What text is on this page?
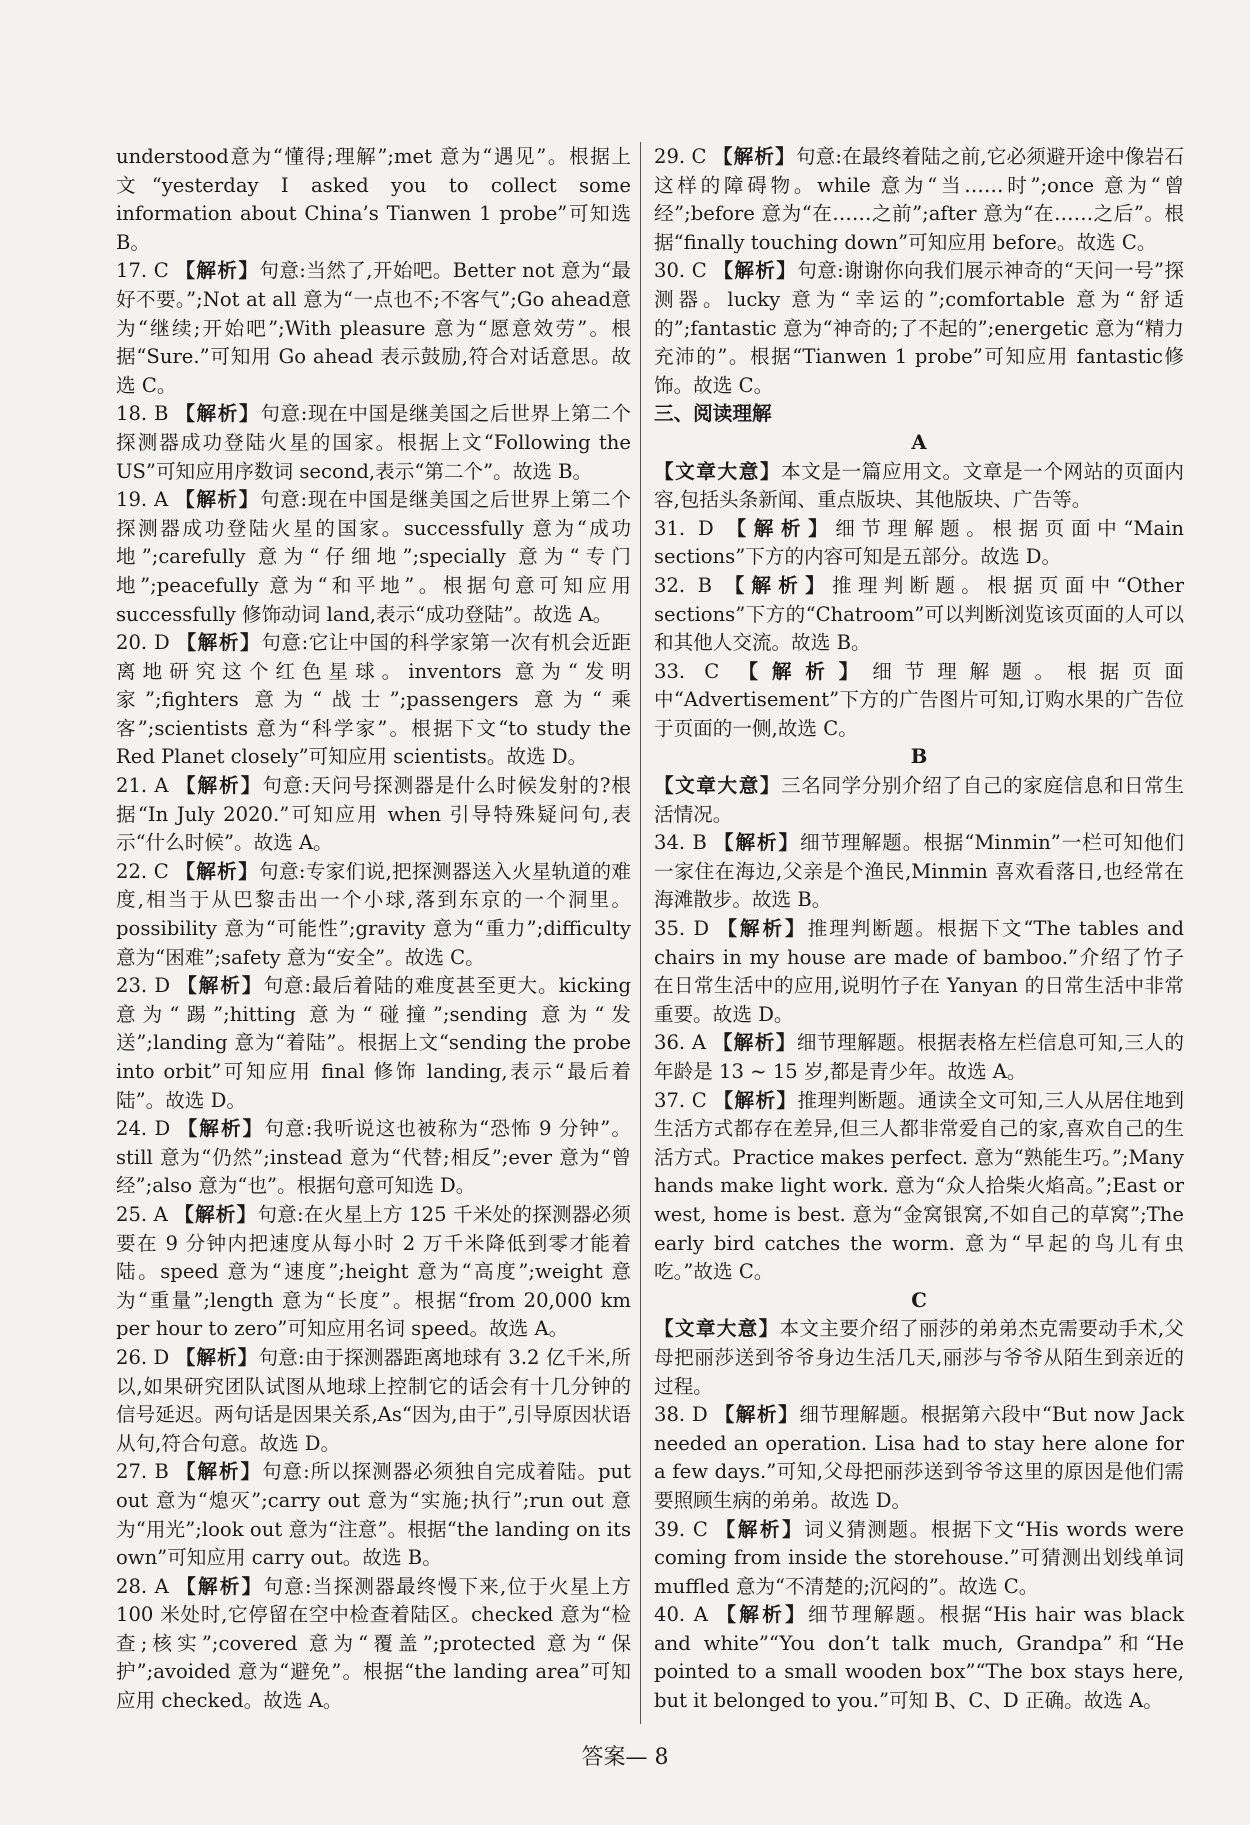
understood意为“懂得;理解”;met 意为“遇见”。根据上文“yesterday I asked you to collect some information about China’s Tianwen 1 probe”可知选 B。

17. C 【解析】句意:当然了,开始吧。Better not 意为“最好不要。”;Not at all 意为“一点也不;不客气”;Go ahead意为“继续;开始吧”;With pleasure 意为“愿意效劳”。根据“Sure.”可知用 Go ahead 表示鼓励,符合对话意思。故选 C。

18. B 【解析】句意:现在中国是继美国之后世界上第二个探测器成功登陆火星的国家。根据上文“Following the US”可知应用序数词 second,表示“第二个”。故选 B。

19. A 【解析】句意:现在中国是继美国之后世界上第二个探测器成功登陆火星的国家。successfully 意为“成功地”;carefully 意为“仔细地”;specially 意为“专门地”;peacefully 意为“和平地”。根据句意可知应用 successfully 修饰动词 land,表示“成功登陆”。故选 A。

20. D 【解析】句意:它让中国的科学家第一次有机会近距离地研究这个红色星球。inventors 意为“发明家”;fighters 意为“战士”;passengers 意为“乘客”;scientists 意为“科学家”。根据下文“to study the Red Planet closely”可知应用 scientists。故选 D。

21. A 【解析】句意:天问号探测器是什么时候发射的?根据“In July 2020.”可知应用 when 引导特殊疑问句,表示“什么时候”。故选 A。

22. C 【解析】句意:专家们说,把探测器送入火星轨道的难度,相当于从巴黎击出一个小球,落到东京的一个洞里。possibility 意为“可能性”;gravity 意为“重力”;difficulty意为“困难”;safety 意为“安全”。故选 C。

23. D 【解析】句意:最后着陆的难度甚至更大。kicking 意为“踢”;hitting 意为“碰撞”;sending 意为“发送”;landing 意为“着陆”。根据上文“sending the probe into orbit”可知应用 final 修饰 landing,表示“最后着陆”。故选 D。

24. D 【解析】句意:我听说这也被称为“恐怖 9 分钟”。still 意为“仍然”;instead 意为“代替;相反”;ever 意为“曾经”;also 意为“也”。根据句意可知选 D。

25. A 【解析】句意:在火星上方 125 千米处的探测器必须要在 9 分钟内把速度从每小时 2 万千米降低到零才能着陆。speed 意为“速度”;height 意为“高度”;weight 意为“重量”;length 意为“长度”。根据“from 20,000 km per hour to zero”可知应用名词 speed。故选 A。

26. D 【解析】句意:由于探测器距离地球有 3.2 亿千米,所以,如果研究团队试图从地球上控制它的话会有十几分钟的信号延迟。两句话是因果关系,As“因为,由于”,引导原因状语从句,符合句意。故选 D。

27. B 【解析】句意:所以探测器必须独自完成着陆。put out 意为“熄灭”;carry out 意为“实施;执行”;run out 意为“用光”;look out 意为“注意”。根据“the landing on its own”可知应用 carry out。故选 B。

28. A 【解析】句意:当探测器最终慢下来,位于火星上方 100 米处时,它停留在空中检查着陆区。checked 意为“检查;核实”;covered 意为“覆盖”;protected 意为“保护”;avoided 意为“避免”。根据“the landing area”可知应用 checked。故选 A。

29. C 【解析】句意:在最终着陆之前,它必须避开途中像岩石这样的障碍物。while 意为“当……时”;once 意为“曾经”;before 意为“在……之前”;after 意为“在……之后”。根据“finally touching down”可知应用 before。故选 C。

30. C 【解析】句意:谢谢你向我们展示神奇的“天问一号”探测器。lucky 意为“幸运的”;comfortable 意为“舒适的”;fantastic 意为“神奇的;了不起的”;energetic 意为“精力充沛的”。根据“Tianwen 1 probe”可知应用 fantastic修饰。故选 C。

三、阅读理解

A

【文章大意】本文是一篇应用文。文章是一个网站的页面内容,包括头条新闻、重点版块、其他版块、广告等。

31. D 【解析】细节理解题。根据页面中“Main sections”下方的内容可知是五部分。故选 D。

32. B 【解析】推理判断题。根据页面中“Other sections”下方的“Chatroom”可以判断浏览该页面的人可以和其他人交流。故选 B。

33. C 【解析】细节理解题。根据页面中“Advertisement”下方的广告图片可知,订购水果的广告位于页面的一侧,故选 C。

B

【文章大意】三名同学分别介绍了自己的家庭信息和日常生活情况。

34. B 【解析】细节理解题。根据“Minmin”一栏可知他们一家住在海边,父亲是个渔民,Minmin 喜欢看落日,也经常在海滩散步。故选 B。

35. D 【解析】推理判断题。根据下文“The tables and chairs in my house are made of bamboo.”介绍了竹子在日常生活中的应用,说明竹子在 Yanyan 的日常生活中非常重要。故选 D。

36. A 【解析】细节理解题。根据表格左栏信息可知,三人的年龄是 13 ~ 15 岁,都是青少年。故选 A。

37. C 【解析】推理判断题。通读全文可知,三人从居住地到生活方式都存在差异,但三人都非常爱自己的家,喜欢自己的生活方式。Practice makes perfect. 意为“熟能生巧。”;Many hands make light work. 意为“众人拾柴火焰高。”;East or west, home is best. 意为“金窝银窝,不如自己的草窝”;The early bird catches the worm. 意为“早起的鸟儿有虫吃。”故选 C。

C

【文章大意】本文主要介绍了丽莎的弟弟杰克需要动手术,父母把丽莎送到爷爷身边生活几天,丽莎与爷爷从陌生到亲近的过程。

38. D 【解析】细节理解题。根据第六段中“But now Jack needed an operation. Lisa had to stay here alone for a few days.”可知,父母把丽莎送到爷爷这里的原因是他们需要照顾生病的弟弟。故选 D。

39. C 【解析】词义猜测题。根据下文“His words were coming from inside the storehouse.”可猜测出划线单词 muffled 意为“不清楚的;沉闷的”。故选 C。

40. A 【解析】细节理解题。根据“His hair was black and white”“You don’t talk much, Grandpa”和“He pointed to a small wooden box”“The box stays here, but it belonged to you.”可知 B、C、D 正确。故选 A。

答案— 8
